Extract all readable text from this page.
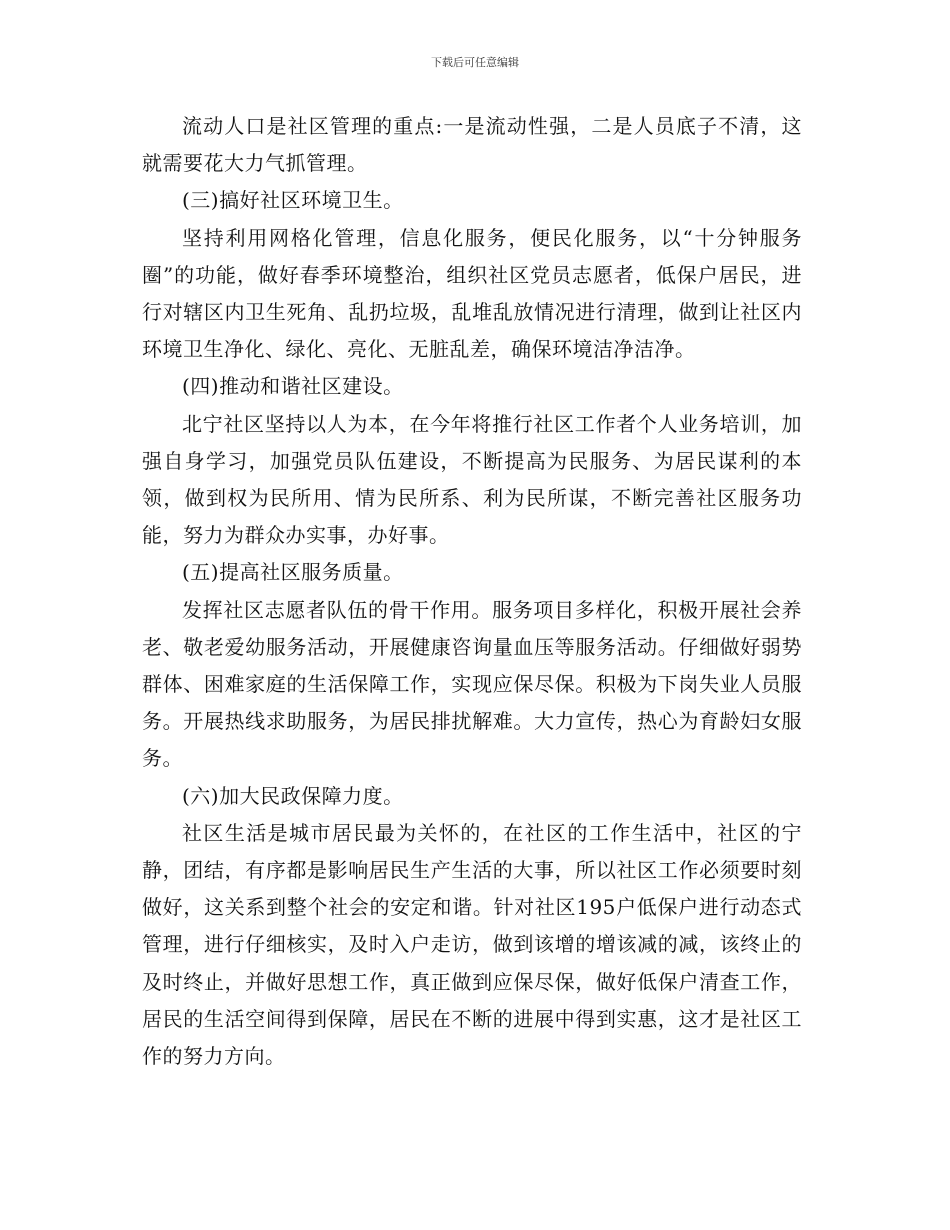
下载后可任意编辑

流动人口是社区管理的重点:一是流动性强，二是人员底子不清，这就需要花大力气抓管理。

(三)搞好社区环境卫生。

坚持利用网格化管理，信息化服务，便民化服务，以“十分钟服务圈”的功能，做好春季环境整治，组织社区党员志愿者，低保户居民，进行对辖区内卫生死角、乱扔垃圾，乱堆乱放情况进行清理，做到让社区内环境卫生净化、绿化、亮化、无脏乱差，确保环境洁净洁净。

(四)推动和谐社区建设。

北宁社区坚持以人为本，在今年将推行社区工作者个人业务培训，加强自身学习，加强党员队伍建设，不断提高为民服务、为居民谋利的本领，做到权为民所用、情为民所系、利为民所谋，不断完善社区服务功能，努力为群众办实事，办好事。

(五)提高社区服务质量。

发挥社区志愿者队伍的骨干作用。服务项目多样化，积极开展社会养老、敬老爱幼服务活动，开展健康咨询量血压等服务活动。仔细做好弱势群体、困难家庭的生活保障工作，实现应保尽保。积极为下岗失业人员服务。开展热线求助服务，为居民排扰解难。大力宣传，热心为育龄妇女服务。

(六)加大民政保障力度。

社区生活是城市居民最为关怀的，在社区的工作生活中，社区的宁静，团结，有序都是影响居民生产生活的大事，所以社区工作必须要时刻做好，这关系到整个社会的安定和谐。针对社区195户低保户进行动态式管理，进行仔细核实，及时入户走访，做到该增的增该减的减，该终止的及时终止，并做好思想工作，真正做到应保尽保，做好低保户清查工作，居民的生活空间得到保障，居民在不断的进展中得到实惠，这才是社区工作的努力方向。
